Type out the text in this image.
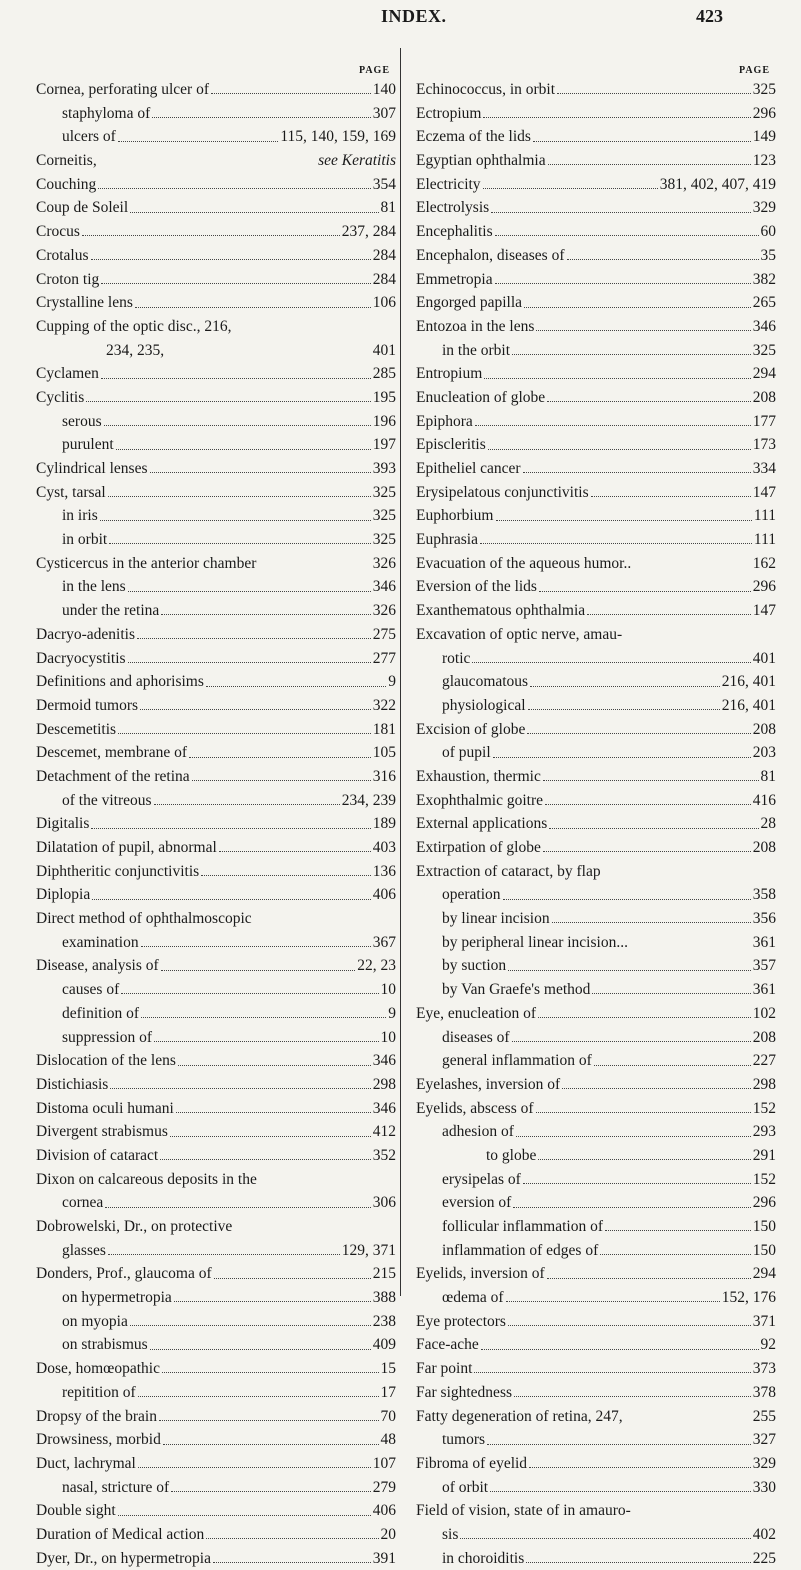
INDEX.	423
PAGE
Cornea, perforating ulcer of	140
staphyloma of	307
ulcers of	115, 140, 159, 169
Corneitis,	see Keratitis
Couching	354
Coup de Soleil	81
Crocus	237, 284
Crotalus	284
Croton tig	284
Crystalline lens	106
Cupping of the optic disc., 216,
234, 235,	401
Cyclamen	285
Cyclitis	195
serous	196
purulent	197
Cylindrical lenses	393
Cyst, tarsal	325
in iris	325
in orbit	325
Cysticercus in the anterior chamber	326
in the lens	346
under the retina	326
Dacryo-adenitis	275
Dacryocystitis	277
Definitions and aphorisims	9
Dermoid tumors	322
Descemetitis	181
Descemet, membrane of	105
Detachment of the retina	316
of the vitreous	234, 239
Digitalis	189
Dilatation of pupil, abnormal	403
Diphtheritic conjunctivitis	136
Diplopia	406
Direct method of ophthalmoscopic
examination	367
Disease, analysis of	22, 23
causes of	10
definition of	9
suppression of	10
Dislocation of the lens	346
Distichiasis	298
Distoma oculi humani	346
Divergent strabismus	412
Division of cataract	352
Dixon on calcareous deposits in the
cornea	306
Dobrowelski, Dr., on protective
glasses	129, 371
Donders, Prof., glaucoma of	215
on hypermetropia	388
on myopia	238
on strabismus	409
Dose, homœopathic	15
repitition of	17
Dropsy of the brain	70
Drowsiness, morbid	48
Duct, lachrymal	107
nasal, stricture of	279
Double sight	406
Duration of Medical action	20
Dyer, Dr., on hypermetropia	391
PAGE
Echinococcus, in orbit	325
Ectropium	296
Eczema of the lids	149
Egyptian ophthalmia	123
Electricity	381, 402, 407, 419
Electrolysis	329
Encephalitis	60
Encephalon, diseases of	35
Emmetropia	382
Engorged papilla	265
Entozoa in the lens	346
in the orbit	325
Entropium	294
Enucleation of globe	208
Epiphora	177
Episcleritis	173
Epitheliel cancer	334
Erysipelatous conjunctivitis	147
Euphorbium	111
Euphrasia	111
Evacuation of the aqueous humor..	162
Eversion of the lids	296
Exanthematous ophthalmia	147
Excavation of optic nerve, amau-
rotic	401
glaucomatous	216, 401
physiological	216, 401
Excision of globe	208
of pupil	203
Exhaustion, thermic	81
Exophthalmic goitre	416
External applications	28
Extirpation of globe	208
Extraction of cataract, by flap
operation	358
by linear incision	356
by peripheral linear incision...	361
by suction	357
by Van Graefe's method	361
Eye, enucleation of	102
diseases of	208
general inflammation of	227
Eyelashes, inversion of	298
Eyelids, abscess of	152
adhesion of	293
to globe	291
erysipelas of	152
eversion of	296
follicular inflammation of	150
inflammation of edges of	150
Eyelids, inversion of	294
œdema of	152, 176
Eye protectors	371
Face-ache	92
Far point	373
Far sightedness	378
Fatty degeneration of retina, 247,	255
tumors	327
Fibroma of eyelid	329
of orbit	330
Field of vision, state of in amauro-
sis	402
in choroiditis	225
